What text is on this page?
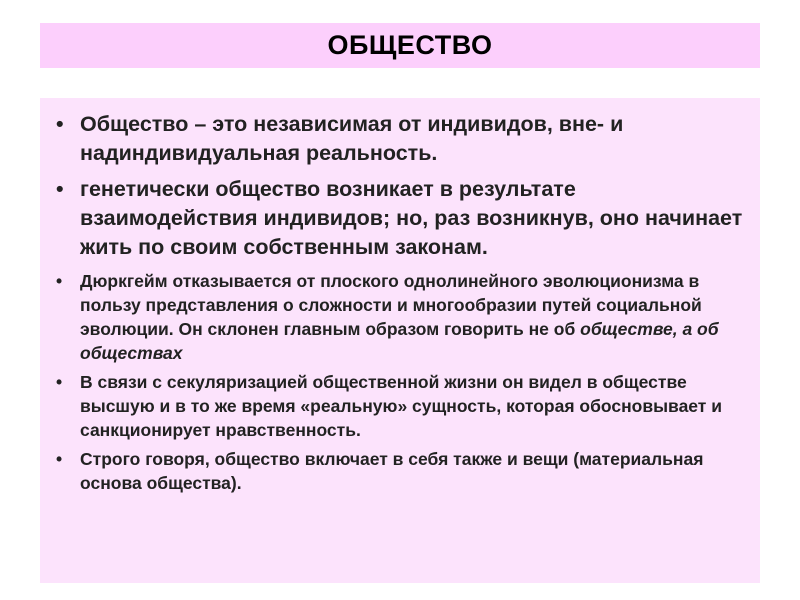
ОБЩЕСТВО
• Общество – это независимая от индивидов, вне- и надиндивидуальная реальность.
• генетически общество возникает в результате взаимодействия индивидов; но, раз возникнув, оно начинает жить по своим собственным законам.
• Дюркгейм отказывается от плоского однолинейного эволюционизма в пользу представления о сложности и многообразии путей социальной эволюции. Он склонен главным образом говорить не об обществе, а об обществах
• В связи с секуляризацией общественной жизни он видел в обществе высшую и в то же время «реальную» сущность, которая обосновывает и санкционирует нравственность.
• Строго говоря, общество включает в себя также и вещи (материальная основа общества).
